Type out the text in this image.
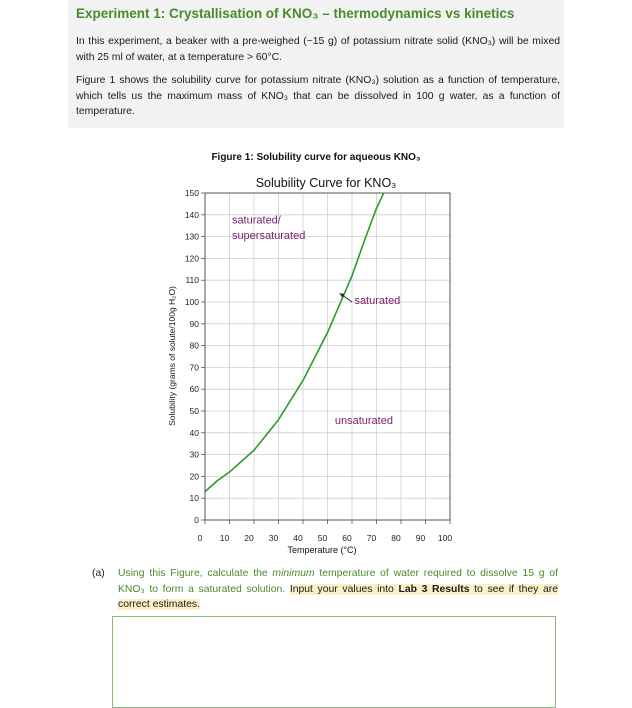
Experiment 1: Crystallisation of KNO₃ – thermodynamics vs kinetics
In this experiment, a beaker with a pre-weighed (~15 g) of potassium nitrate solid (KNO₃) will be mixed with 25 ml of water, at a temperature > 60°C.
Figure 1 shows the solubility curve for potassium nitrate (KNO₃) solution as a function of temperature, which tells us the maximum mass of KNO₃ that can be dissolved in 100 g water, as a function of temperature.
Figure 1: Solubility curve for aqueous KNO₃
Solubility Curve for KNO₃
0
10
20
30
40
50
60
70
80
90
100
110
120
130
140
150
0 10 20 30 40 50 60 70 80 90 100
saturated/
supersaturated
saturated
unsaturated
Temperature (°C)
Solubility (grams of solute/100g H₂O)
(a) Using this Figure, calculate the minimum temperature of water required to dissolve 15 g of KNO₃ to form a saturated solution. Input your values into Lab 3 Results to see if they are correct estimates.
